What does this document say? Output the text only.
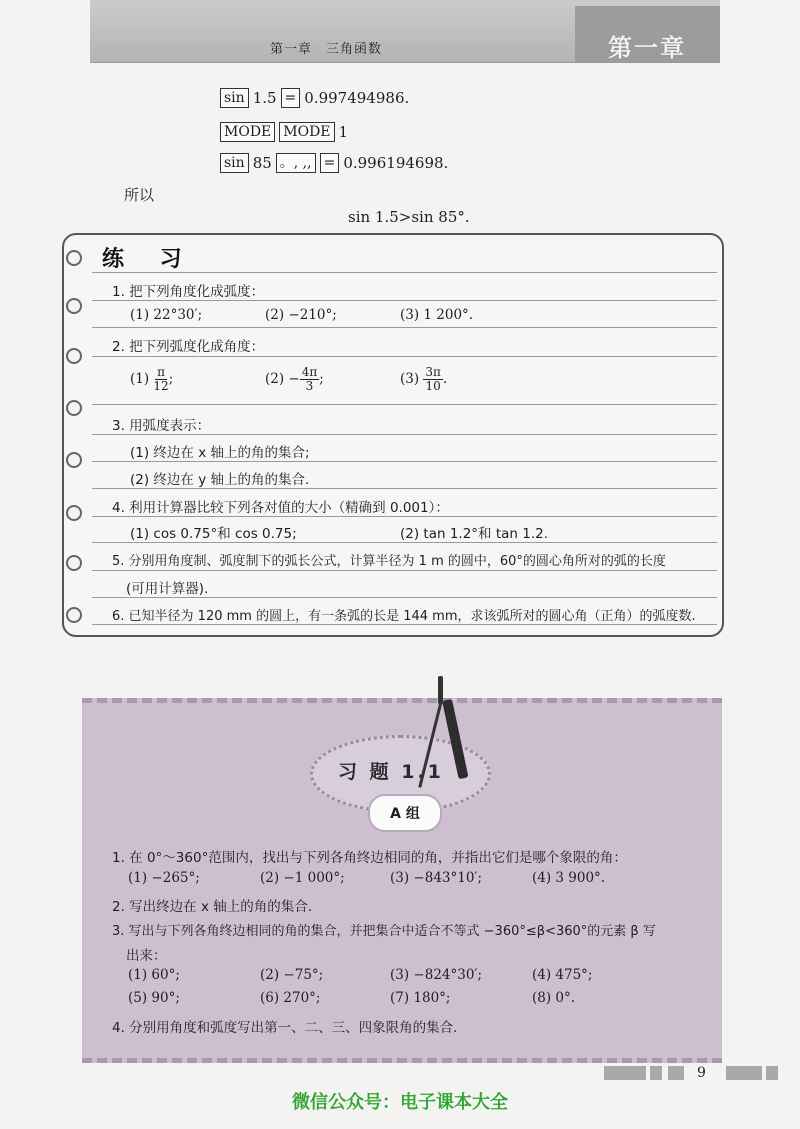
第一章　三角函数	第一章
sin 1.5 = 0.997494986.
MODE MODE 1
sin 85 。, ,, = 0.996194698.
所以
sin 1.5>sin 85°.
练 习
1. 把下列角度化成弧度：
(1) 22°30′;	(2) −210°;	(3) 1 200°.
2. 把下列弧度化成角度：
$(1) \frac{\pi}{12}$ ;	$(2) - \frac{4\pi}{3}$ ;	$(3) \frac{3\pi}{10}$ .
3. 用弧度表示：
(1) 终边在 x 轴上的角的集合;
(2) 终边在 y 轴上的角的集合.
4. 利用计算器比较下列各对值的大小（精确到 0.001）：
(1) cos 0.75°和 cos 0.75;	(2) tan 1.2°和 tan 1.2.
5. 分别用角度制、弧度制下的弧长公式，计算半径为 1 m 的圆中，60°的圆心角所对的弧的长度
(可用计算器).
6. 已知半径为 120 mm 的圆上，有一条弧的长是 144 mm，求该弧所对的圆心角（正角）的弧度数.
习 题 1.1
A 组
1. 在 0°～360°范围内，找出与下列各角终边相同的角，并指出它们是哪个象限的角：
(1) −265°;	(2) −1 000°;	(3) −843°10′;	(4) 3 900°.
2. 写出终边在 x 轴上的角的集合.
3. 写出与下列各角终边相同的角的集合，并把集合中适合不等式 −360°≤β<360°的元素 β 写
出来：
(1) 60°;	(2) −75°;	(3) −824°30′;	(4) 475°;
(5) 90°;	(6) 270°;	(7) 180°;	(8) 0°.
4. 分别用角度和弧度写出第一、二、三、四象限角的集合.
9
微信公众号：电子课本大全
